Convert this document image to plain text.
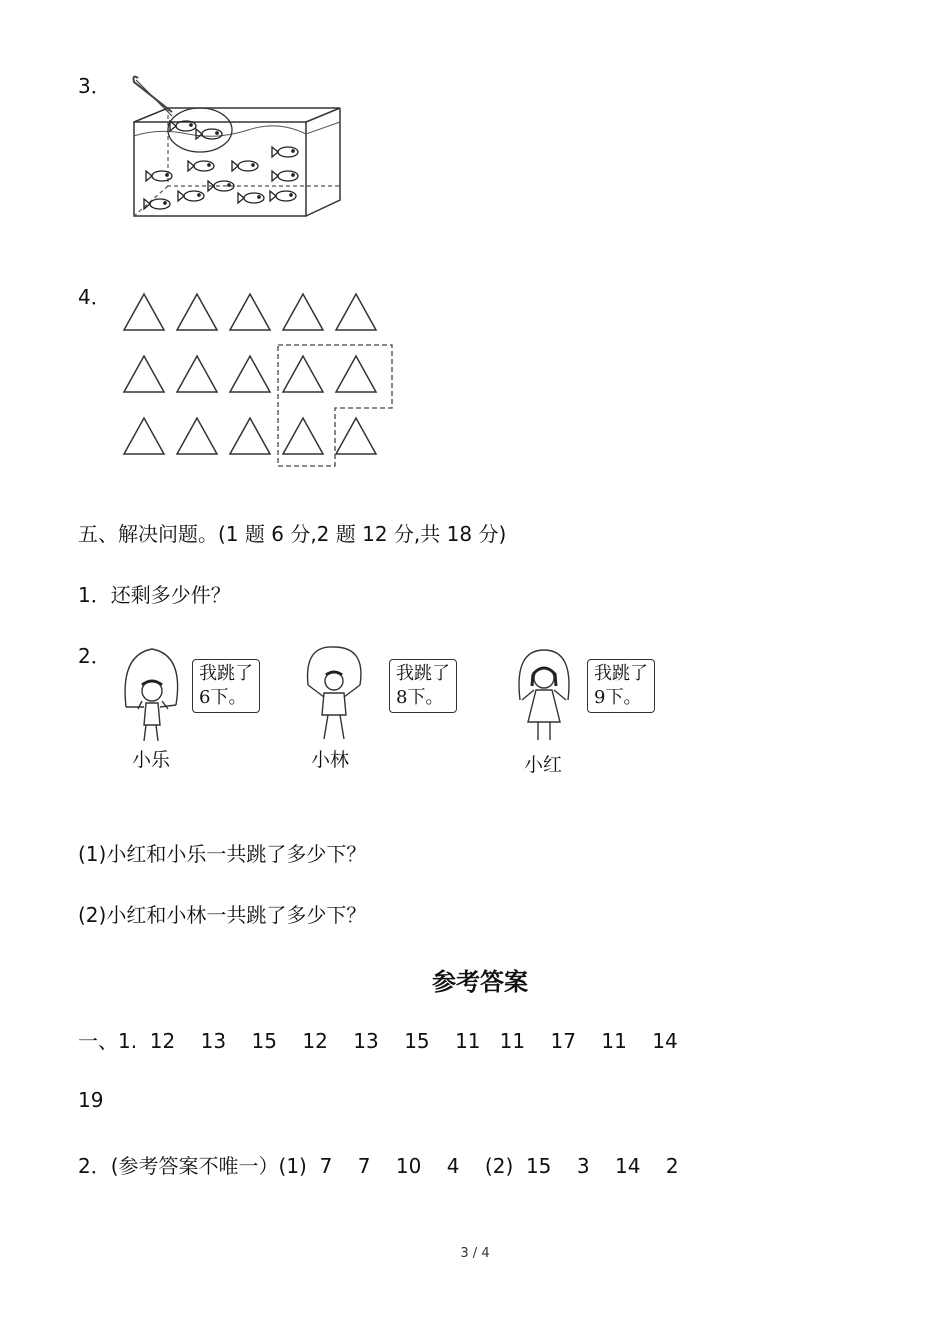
3．
4．
五、解决问题。(1 题 6 分,2 题 12 分,共 18 分)
1．还剩多少件？
2．
我跳了
6下。
小乐
我跳了
8下。
小林
我跳了
9下。
小红
(1)小红和小乐一共跳了多少下？
(2)小红和小林一共跳了多少下？
参考答案
一、1.  12    13    15    12    13    15    11   11    17    11    14
19
2．(参考答案不唯一）(1)  7    7    10    4    (2)  15    3    14    2
3 / 4
